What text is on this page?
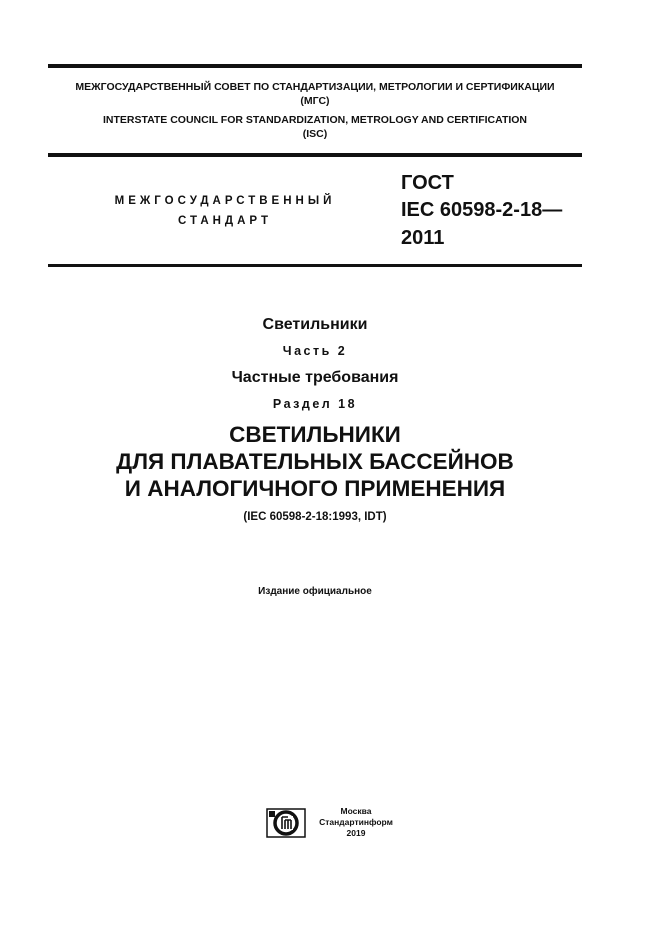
МЕЖГОСУДАРСТВЕННЫЙ СОВЕТ ПО СТАНДАРТИЗАЦИИ, МЕТРОЛОГИИ И СЕРТИФИКАЦИИ
(МГС)
INTERSTATE COUNCIL FOR STANDARDIZATION, METROLOGY AND CERTIFICATION
(ISC)
МЕЖГОСУДАРСТВЕННЫЙ
СТАНДАРТ
ГОСТ
IEC 60598-2-18—
2011
Светильники
Часть 2
Частные требования
Раздел 18
СВЕТИЛЬНИКИ
ДЛЯ ПЛАВАТЕЛЬНЫХ БАССЕЙНОВ
И АНАЛОГИЧНОГО ПРИМЕНЕНИЯ
(IEC 60598-2-18:1993, IDT)
Издание официальное
Москва
Стандартинформ
2019
